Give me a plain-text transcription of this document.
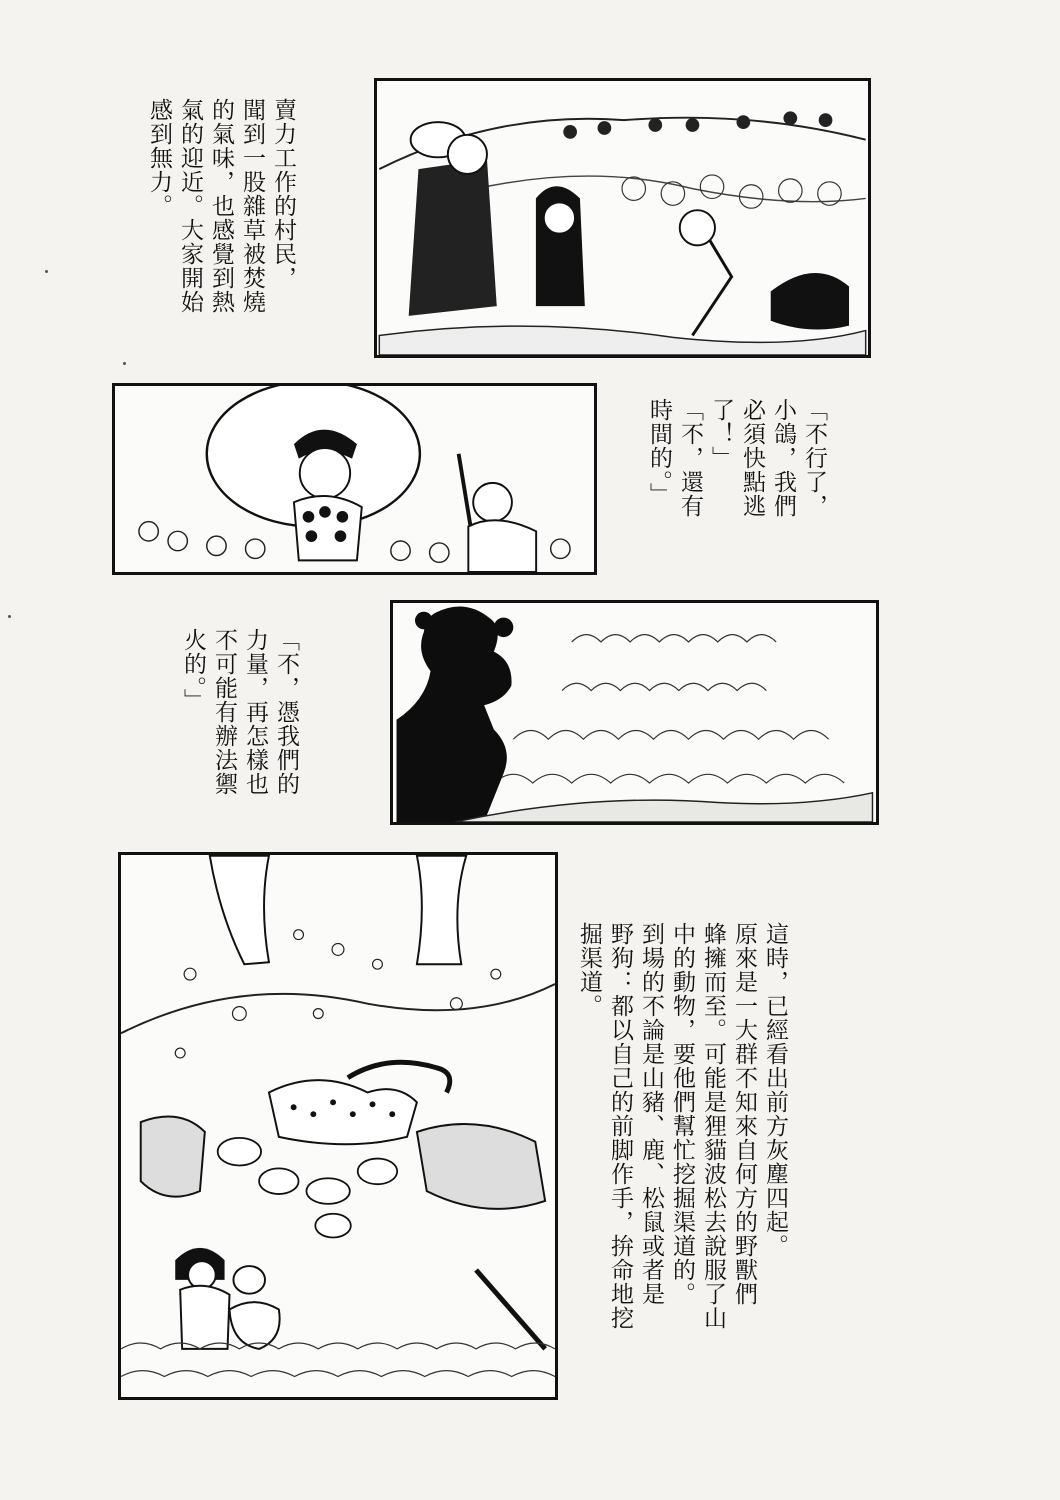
賣力工作的村民，
聞到一股雜草被焚燒
的氣味，也感覺到熱
氣的迎近。大家開始
感到無力。
「不行了，
小鴿，我們
必須快點逃
了！」
「不，還有
時間的。」
「不，憑我們的
力量，再怎樣也
不可能有辦法禦
火的。」
這時，已經看出前方灰塵四起。
原來是一大群不知來自何方的野獸們
蜂擁而至。可能是狸貓波松去說服了山
中的動物，要他們幫忙挖掘渠道的。
到場的不論是山豬、鹿、松鼠或者是
野狗：都以自己的前脚作手，拚命地挖
掘渠道。
